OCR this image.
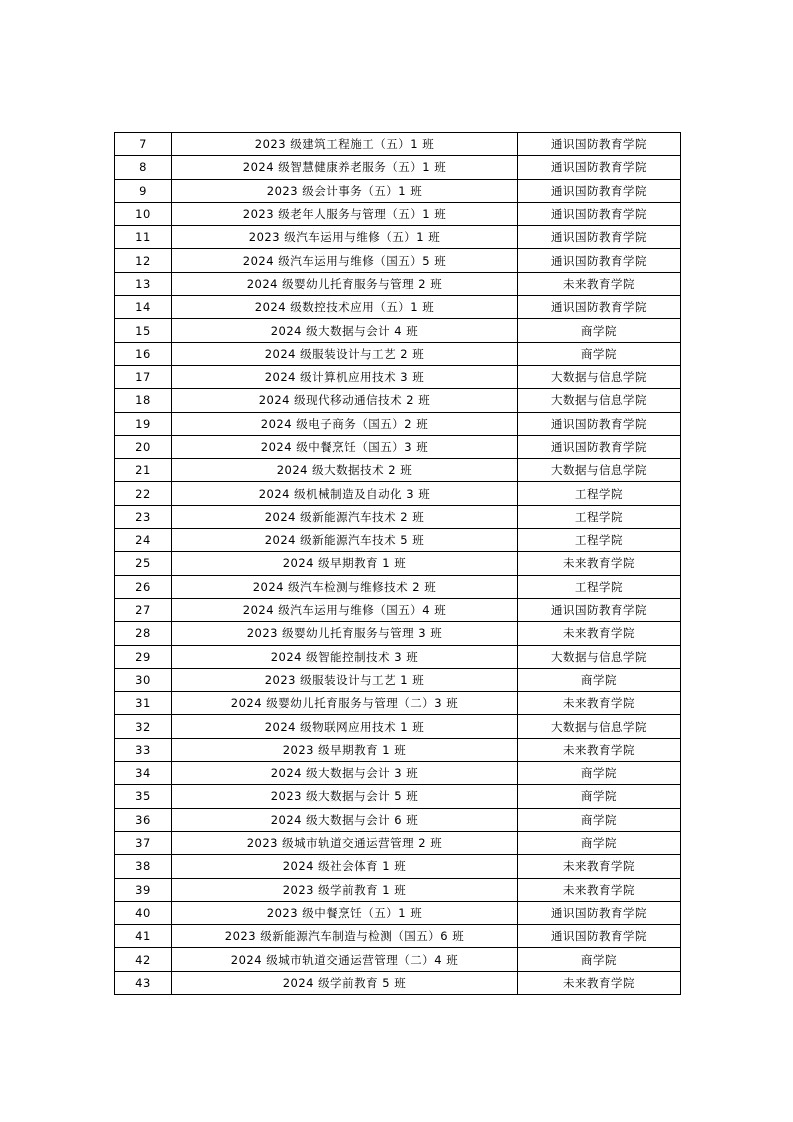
7	2023 级建筑工程施工（五）1 班	通识国防教育学院
8	2024 级智慧健康养老服务（五）1 班	通识国防教育学院
9	2023 级会计事务（五）1 班	通识国防教育学院
10	2023 级老年人服务与管理（五）1 班	通识国防教育学院
11	2023 级汽车运用与维修（五）1 班	通识国防教育学院
12	2024 级汽车运用与维修（国五）5 班	通识国防教育学院
13	2024 级婴幼儿托育服务与管理 2 班	未来教育学院
14	2024 级数控技术应用（五）1 班	通识国防教育学院
15	2024 级大数据与会计 4 班	商学院
16	2024 级服装设计与工艺 2 班	商学院
17	2024 级计算机应用技术 3 班	大数据与信息学院
18	2024 级现代移动通信技术 2 班	大数据与信息学院
19	2024 级电子商务（国五）2 班	通识国防教育学院
20	2024 级中餐烹饪（国五）3 班	通识国防教育学院
21	2024 级大数据技术 2 班	大数据与信息学院
22	2024 级机械制造及自动化 3 班	工程学院
23	2024 级新能源汽车技术 2 班	工程学院
24	2024 级新能源汽车技术 5 班	工程学院
25	2024 级早期教育 1 班	未来教育学院
26	2024 级汽车检测与维修技术 2 班	工程学院
27	2024 级汽车运用与维修（国五）4 班	通识国防教育学院
28	2023 级婴幼儿托育服务与管理 3 班	未来教育学院
29	2024 级智能控制技术 3 班	大数据与信息学院
30	2023 级服装设计与工艺 1 班	商学院
31	2024 级婴幼儿托育服务与管理（二）3 班	未来教育学院
32	2024 级物联网应用技术 1 班	大数据与信息学院
33	2023 级早期教育 1 班	未来教育学院
34	2024 级大数据与会计 3 班	商学院
35	2023 级大数据与会计 5 班	商学院
36	2024 级大数据与会计 6 班	商学院
37	2023 级城市轨道交通运营管理 2 班	商学院
38	2024 级社会体育 1 班	未来教育学院
39	2023 级学前教育 1 班	未来教育学院
40	2023 级中餐烹饪（五）1 班	通识国防教育学院
41	2023 级新能源汽车制造与检测（国五）6 班	通识国防教育学院
42	2024 级城市轨道交通运营管理（二）4 班	商学院
43	2024 级学前教育 5 班	未来教育学院
